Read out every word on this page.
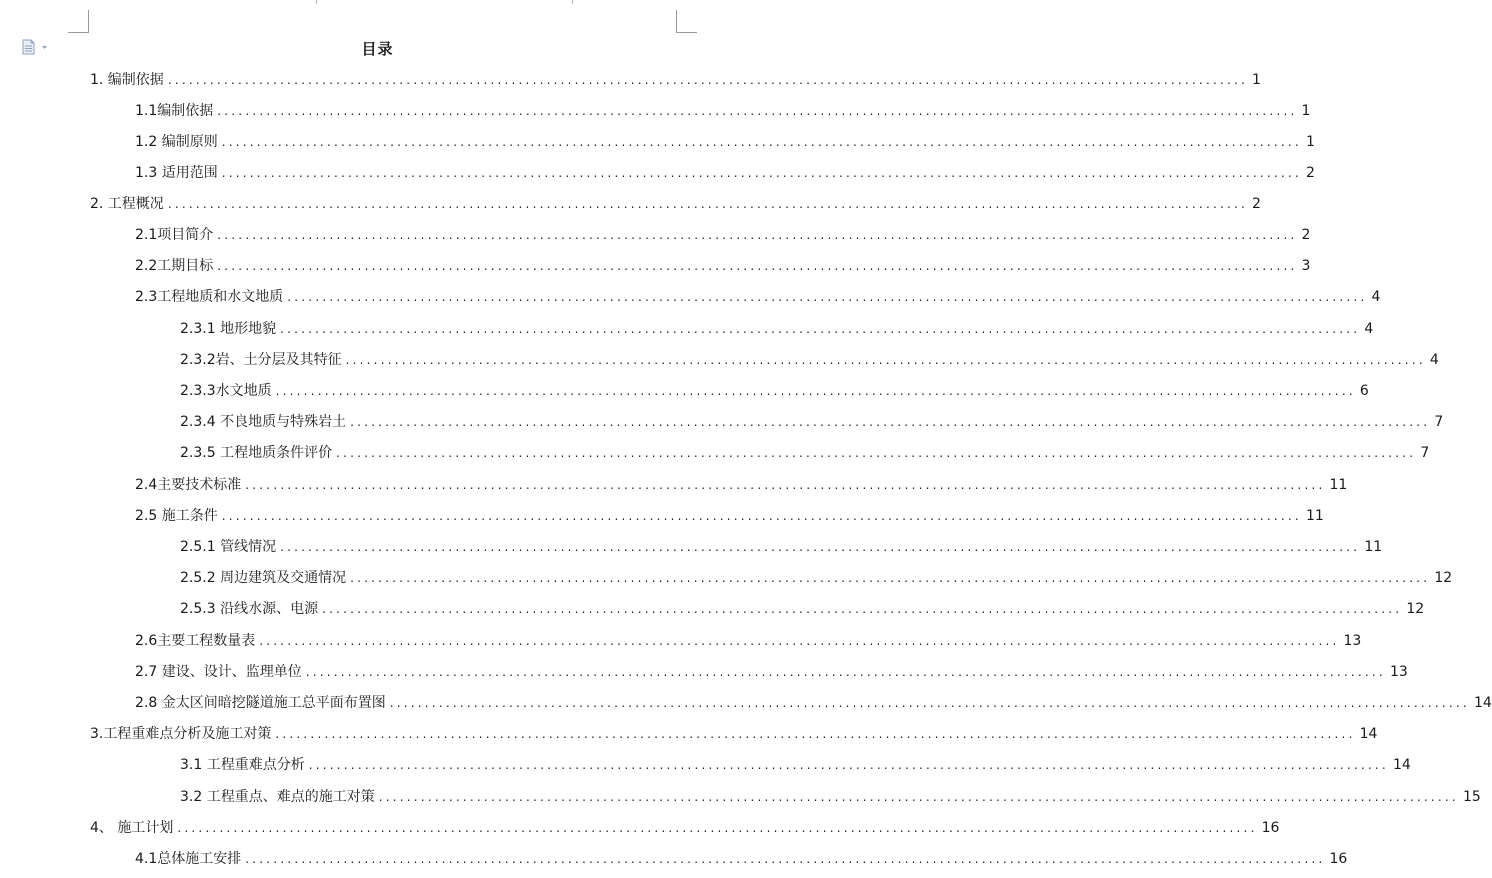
目录
1. 编制依据 .......................................................................................................................................................... 1
1.1编制依据 .......................................................................................................................................................... 1
1.2 编制原则 .......................................................................................................................................................... 1
1.3 适用范围 .......................................................................................................................................................... 2
2. 工程概况 .......................................................................................................................................................... 2
2.1项目简介 .......................................................................................................................................................... 2
2.2工期目标 .......................................................................................................................................................... 3
2.3工程地质和水文地质 .......................................................................................................................................................... 4
2.3.1 地形地貌 .......................................................................................................................................................... 4
2.3.2岩、土分层及其特征 .......................................................................................................................................................... 4
2.3.3水文地质 .......................................................................................................................................................... 6
2.3.4 不良地质与特殊岩土 .......................................................................................................................................................... 7
2.3.5 工程地质条件评价 .......................................................................................................................................................... 7
2.4主要技术标准 .......................................................................................................................................................... 11
2.5 施工条件 .......................................................................................................................................................... 11
2.5.1 管线情况 .......................................................................................................................................................... 11
2.5.2 周边建筑及交通情况 .......................................................................................................................................................... 12
2.5.3 沿线水源、电源 .......................................................................................................................................................... 12
2.6主要工程数量表 .......................................................................................................................................................... 13
2.7 建设、设计、监理单位 .......................................................................................................................................................... 13
2.8 金太区间暗挖隧道施工总平面布置图 .......................................................................................................................................................... 14
3.工程重难点分析及施工对策 .......................................................................................................................................................... 14
3.1 工程重难点分析 .......................................................................................................................................................... 14
3.2 工程重点、难点的施工对策 .......................................................................................................................................................... 15
4、 施工计划 .......................................................................................................................................................... 16
4.1总体施工安排 .......................................................................................................................................................... 16
